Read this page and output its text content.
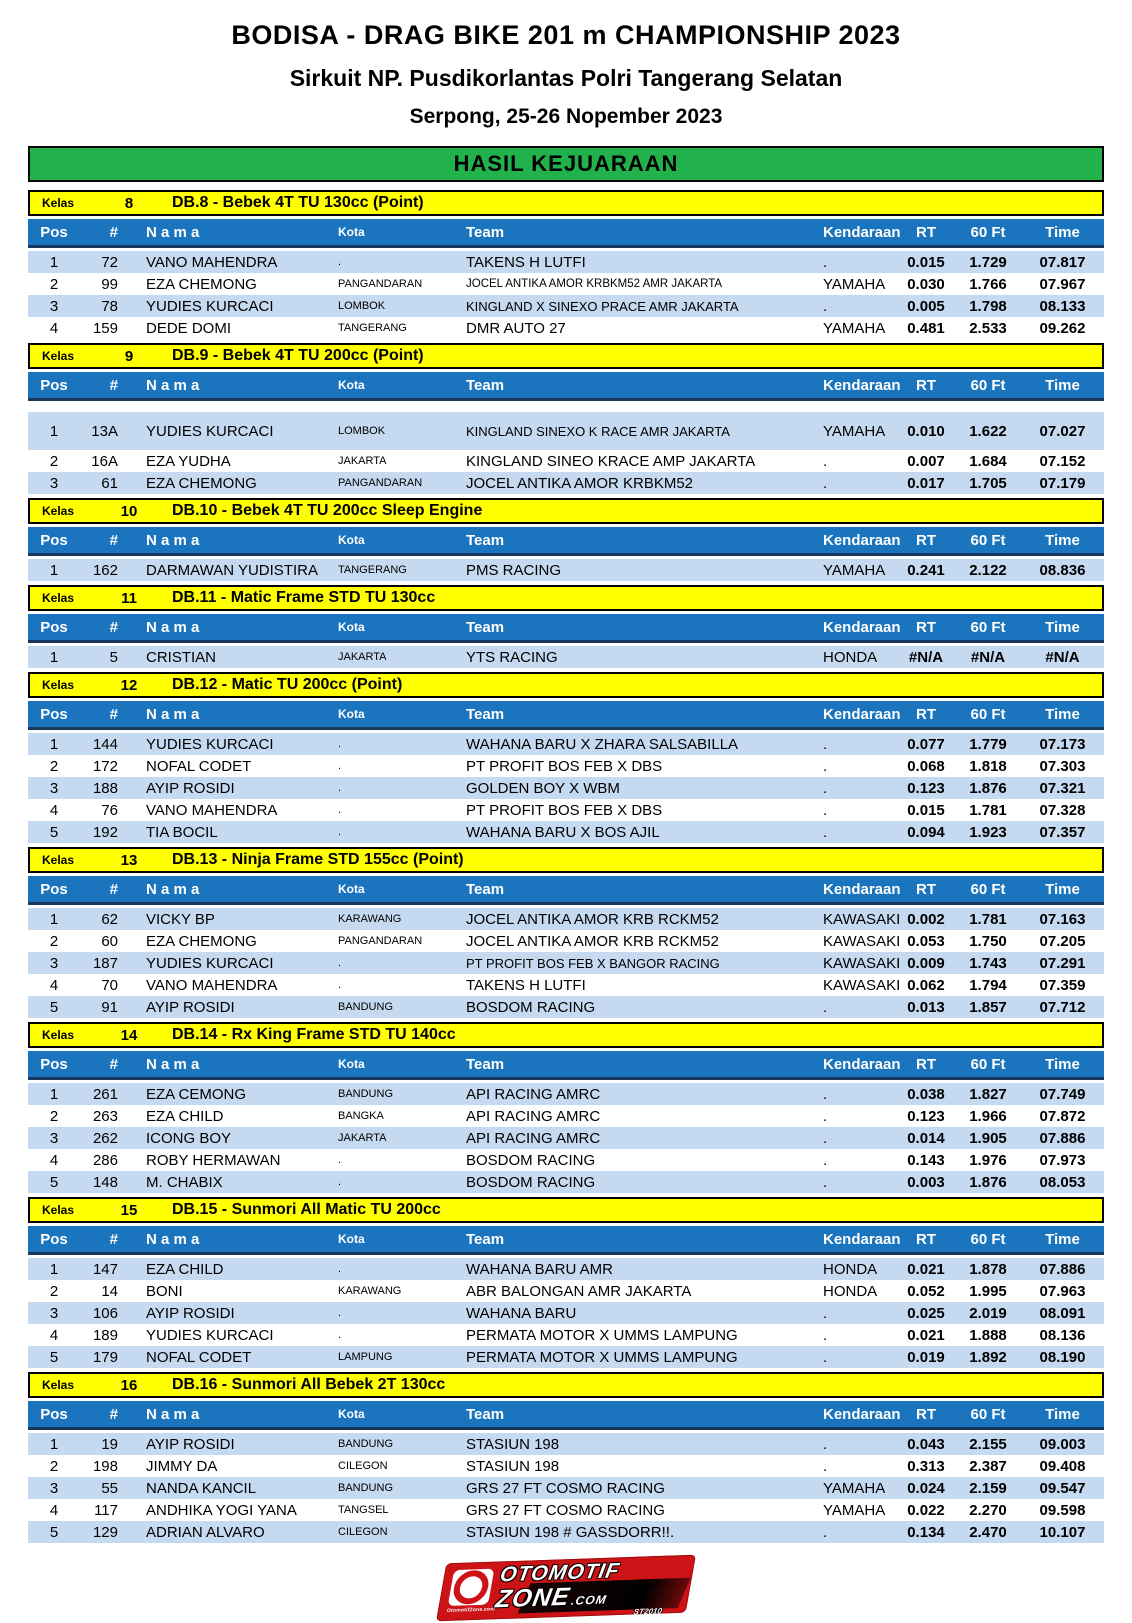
BODISA - DRAG BIKE 201 m CHAMPIONSHIP 2023
Sirkuit NP. Pusdikorlantas Polri Tangerang Selatan
Serpong, 25-26 Nopember 2023
HASIL KEJUARAAN
Kelas	8	DB.8 - Bebek 4T TU 130cc (Point)
Pos	#	N a m a	Kota	Team	Kendaraan	RT	60 Ft	Time
1	72	VANO MAHENDRA	.	TAKENS H LUTFI	.	0.015	1.729	07.817
2	99	EZA CHEMONG	PANGANDARAN	JOCEL ANTIKA AMOR KRBKM52 AMR JAKARTA	YAMAHA	0.030	1.766	07.967
3	78	YUDIES KURCACI	LOMBOK	KINGLAND X SINEXO PRACE AMR JAKARTA	.	0.005	1.798	08.133
4	159	DEDE DOMI	TANGERANG	DMR AUTO 27	YAMAHA	0.481	2.533	09.262
Kelas	9	DB.9 - Bebek 4T TU 200cc (Point)
Pos	#	N a m a	Kota	Team	Kendaraan	RT	60 Ft	Time
1	13A	YUDIES KURCACI	LOMBOK	KINGLAND SINEXO K RACE AMR JAKARTA	YAMAHA	0.010	1.622	07.027
2	16A	EZA YUDHA	JAKARTA	KINGLAND SINEO KRACE AMP JAKARTA	.	0.007	1.684	07.152
3	61	EZA CHEMONG	PANGANDARAN	JOCEL ANTIKA AMOR KRBKM52	.	0.017	1.705	07.179
Kelas	10	DB.10 - Bebek 4T TU 200cc Sleep Engine
Pos	#	N a m a	Kota	Team	Kendaraan	RT	60 Ft	Time
1	162	DARMAWAN YUDISTIRA	TANGERANG	PMS RACING	YAMAHA	0.241	2.122	08.836
Kelas	11	DB.11 - Matic Frame STD TU 130cc
Pos	#	N a m a	Kota	Team	Kendaraan	RT	60 Ft	Time
1	5	CRISTIAN	JAKARTA	YTS RACING	HONDA	#N/A	#N/A	#N/A
Kelas	12	DB.12 - Matic TU 200cc (Point)
Pos	#	N a m a	Kota	Team	Kendaraan	RT	60 Ft	Time
1	144	YUDIES KURCACI	.	WAHANA BARU X ZHARA SALSABILLA	.	0.077	1.779	07.173
2	172	NOFAL CODET	.	PT PROFIT BOS FEB X DBS	.	0.068	1.818	07.303
3	188	AYIP ROSIDI	.	GOLDEN BOY X WBM	.	0.123	1.876	07.321
4	76	VANO MAHENDRA	.	PT PROFIT BOS FEB X DBS	.	0.015	1.781	07.328
5	192	TIA BOCIL	.	WAHANA BARU X BOS AJIL	.	0.094	1.923	07.357
Kelas	13	DB.13 - Ninja Frame STD 155cc (Point)
Pos	#	N a m a	Kota	Team	Kendaraan	RT	60 Ft	Time
1	62	VICKY BP	KARAWANG	JOCEL ANTIKA AMOR KRB RCKM52	KAWASAKI 0.002	1.781	07.163
2	60	EZA CHEMONG	PANGANDARAN	JOCEL ANTIKA AMOR KRB RCKM52	KAWASAKI 0.053	1.750	07.205
3	187	YUDIES KURCACI	.	PT PROFIT BOS FEB X BANGOR RACING	KAWASAKI 0.009	1.743	07.291
4	70	VANO MAHENDRA	.	TAKENS H LUTFI	KAWASAKI 0.062	1.794	07.359
5	91	AYIP ROSIDI	BANDUNG	BOSDOM RACING	.	0.013	1.857	07.712
Kelas	14	DB.14 - Rx King Frame STD TU 140cc
Pos	#	N a m a	Kota	Team	Kendaraan	RT	60 Ft	Time
1	261	EZA CEMONG	BANDUNG	API RACING AMRC	.	0.038	1.827	07.749
2	263	EZA CHILD	BANGKA	API RACING AMRC	.	0.123	1.966	07.872
3	262	ICONG BOY	JAKARTA	API RACING AMRC	.	0.014	1.905	07.886
4	286	ROBY HERMAWAN	.	BOSDOM RACING	.	0.143	1.976	07.973
5	148	M. CHABIX	.	BOSDOM RACING	.	0.003	1.876	08.053
Kelas	15	DB.15 - Sunmori All Matic TU 200cc
Pos	#	N a m a	Kota	Team	Kendaraan	RT	60 Ft	Time
1	147	EZA CHILD	.	WAHANA BARU AMR	HONDA	0.021	1.878	07.886
2	14	BONI	KARAWANG	ABR BALONGAN AMR JAKARTA	HONDA	0.052	1.995	07.963
3	106	AYIP ROSIDI	.	WAHANA BARU	.	0.025	2.019	08.091
4	189	YUDIES KURCACI	.	PERMATA MOTOR X UMMS LAMPUNG	.	0.021	1.888	08.136
5	179	NOFAL CODET	LAMPUNG	PERMATA MOTOR X UMMS LAMPUNG	.	0.019	1.892	08.190
Kelas	16	DB.16 - Sunmori All Bebek 2T 130cc
Pos	#	N a m a	Kota	Team	Kendaraan	RT	60 Ft	Time
1	19	AYIP ROSIDI	BANDUNG	STASIUN 198	.	0.043	2.155	09.003
2	198	JIMMY DA	CILEGON	STASIUN 198	.	0.313	2.387	09.408
3	55	NANDA KANCIL	BANDUNG	GRS 27 FT COSMO RACING	YAMAHA	0.024	2.159	09.547
4	117	ANDHIKA YOGI YANA	TANGSEL	GRS 27 FT COSMO RACING	YAMAHA	0.022	2.270	09.598
5	129	ADRIAN ALVARO	CILEGON	STASIUN 198 # GASSDORR!!.	.	0.134	2.470	10.107
OtomotifZone.com
OTOMOTIF
ZONE.COM
ST2010
